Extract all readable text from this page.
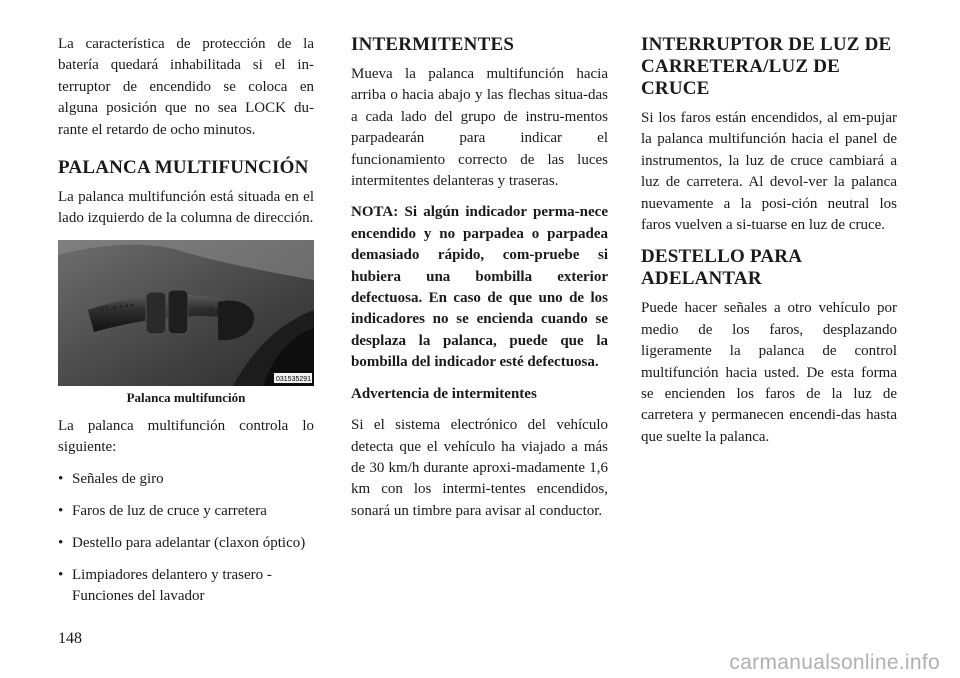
La característica de protección de la batería quedará inhabilitada si el in-terruptor de encendido se coloca en alguna posición que no sea LOCK du-rante el retardo de ocho minutos.

PALANCA MULTIFUNCIÓN

La palanca multifunción está situada en el lado izquierdo de la columna de dirección.

INT ◄ ♦ ♦ ♦	◊ ◊ ◊ ⊕ ⊕ ⊕ ⊕
031535291
Palanca multifunción

La palanca multifunción controla lo siguiente:

• Señales de giro
• Faros de luz de cruce y carretera
• Destello para adelantar (claxon óptico)
• Limpiadores delantero y trasero - Funciones del lavador
INTERMITENTES

Mueva la palanca multifunción hacia arriba o hacia abajo y las flechas situa-das a cada lado del grupo de instru-mentos parpadearán para indicar el funcionamiento correcto de las luces intermitentes delanteras y traseras.

NOTA: Si algún indicador perma-nece encendido y no parpadea o parpadea demasiado rápido, com-pruebe si hubiera una bombilla exterior defectuosa. En caso de que uno de los indicadores no se encienda cuando se desplaza la palanca, puede que la bombilla del indicador esté defectuosa.

Advertencia de intermitentes

Si el sistema electrónico del vehículo detecta que el vehículo ha viajado a más de 30 km/h durante aproxi-madamente 1,6 km con los intermi-tentes encendidos, sonará un timbre para avisar al conductor.

INTERRUPTOR DE LUZ DE CARRETERA/LUZ DE CRUCE

Si los faros están encendidos, al em-pujar la palanca multifunción hacia el panel de instrumentos, la luz de cruce cambiará a luz de carretera. Al devol-ver la palanca nuevamente a la posi-ción neutral los faros vuelven a si-tuarse en luz de cruce.

DESTELLO PARA ADELANTAR

Puede hacer señales a otro vehículo por medio de los faros, desplazando ligeramente la palanca de control multifunción hacia usted. De esta forma se encienden los faros de la luz de carretera y permanecen encendi-das hasta que suelte la palanca.

148
carmanualsonline.info
